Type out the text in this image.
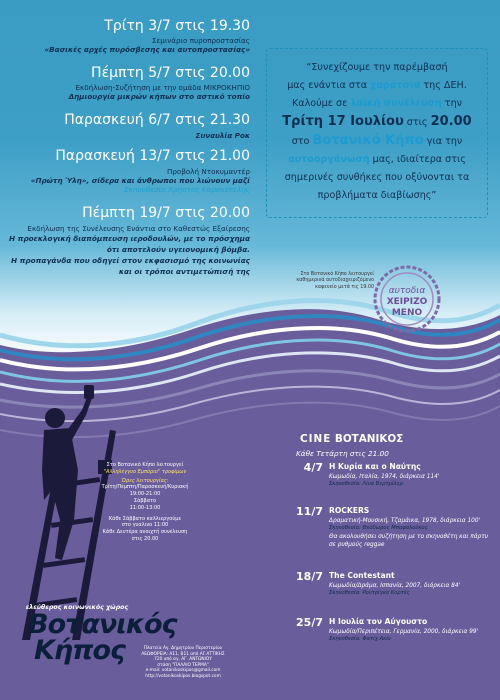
Τρίτη 3/7 στις 19.30
Σεμινάριο πυροπροστασίας
«Βασικές αρχές πυρόσβεσης και αυτοπροστασίας»
Πέμπτη 5/7 στις 20.00
Εκδήλωση-Συζήτηση με την ομάδα ΜΙΚΡΟΚΗΠΙΟ
Δημιουργία μικρών κήπων στο αστικό τοπίο
Παρασκευή 6/7 στις 21.30
Συναυλία Ροκ
Παρασκευή 13/7 στις 21.00
Προβολή Ντοκυμαντέρ
«Πρώτη Ύλη», σίδερα και άνθρωποι που λιώνουν μαζί
Σκηνοθεσία Χρήστος Καρακέπελης
Πέμπτη 19/7 στις 20.00
Εκδήλωση της Συνέλευσης Ενάντια στο Καθεστώς Εξαίρεσης
Η προεκλογική διαπόμπευση ιεροδουλών, με το πρόσχημα ότι αποτελούν υγειονομική βόμβα.
Η προπαγάνδα που οδηγεί στον εκφασισμό της κοινωνίας και οι τρόποι αντιμετώπισή της
“Συνεχίζουμε την παρέμβασή
μας ενάντια στα χαράτσια της ΔΕΗ.
Καλούμε σε λαϊκή συνέλευση την
Τρίτη 17 Ιουλίου στις 20.00
στο Βοτανικό Κήπο για την
αυτοοργάνωσή μας, ιδιαίτερα στις
σημερινές συνθήκες που οξύνονται τα
προβλήματα διαβίωσης”
Στο Βοτανικό Κήπο λειτουργεί καθημερινά αυτοδιαχειριζόμενο καφενείο μετά τις 19.00 αυτοδια
ΧΕΙΡΙΖΟ
ΜΕΝΟ
CINE ΒΟΤΑΝΙΚΟΣ
Κάθε Τετάρτη στις 21.00
4/7 Η Κυρία και ο Ναύτης
Κωμωδία, Ιταλία, 1974, διάρκεια 114'
Σκηνοθεσία: Λίνα Βερτμίλερ
11/7 ROCKERS
Δραματική-Μουσική, Τζαμάικα, 1978, διάρκεια 100'
Σκηνοθεσία: Θεόδωρος Μπαφαλούκος
Θα ακολουθήσει συζήτηση με το σκηνοθέτη και πάρτυ σε ρυθμούς reggae
18/7 The Contestant
Κωμωδία/Δράμα, Ισπανία, 2007, διάρκεια 84'
Σκηνοθεσία: Ροντρίγκο Κορτές
25/7 Η Ιουλία τον Αύγουστο
Κωμωδία/Περιπέτεια, Γερμανία, 2000, διάρκεια 99'
Σκηνοθεσία: Φατίχ Ακίν
Στο Βοτανικό Κήπο λειτουργεί
"Αλληλέγγυο Εμπόριο" τροφίμων
Ώρες λειτουργίας:
Τρίτη/Πέμπτη/Παρασκευή/Κυριακή
19:00-21:00
Σάββατο
11:00-13:00
Κάθε Σάββατο καλλιεργούμε
στο γυαλινο 11:00
Κάθε Δευτέρα ανοιχτή συνέλευση
στις 20.00
ελεύθερος κοινωνικός χώρος
Βοτανικός
Κήπος	Πλατεία Αγ. Δημητρίου Περιστερίου
ΛΕΩΦΟΡΕΙΑ: Α11, Β11 από ΑΓ.ΑΤΤΙΚΗΣ
720 από αγ. ΑΓ. ΑΝΤΩΝΙΟΥ
στάση "ΠΑΛΑΙΟ ΤΕΡΜΑ"
e-mail: votanikoskipos@gmail.com
http://votanikoskipos.blogspot.com
